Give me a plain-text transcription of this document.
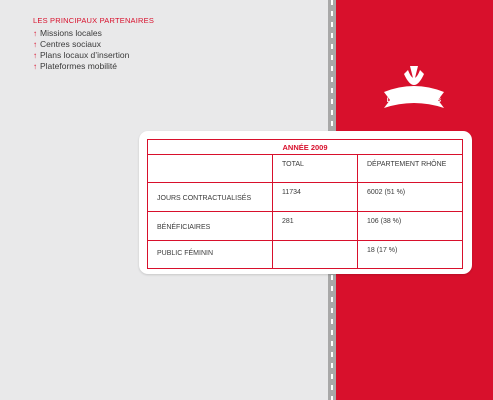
LES PRINCIPAUX PARTENAIRES
↑ Missions locales
↑ Centres sociaux
↑ Plans locaux d’insertion
↑ Plateformes mobilité
LES RÉSULTATS
ANNÉE 2009		

	TOTAL	DÉPARTEMENT RHÔNE

JOURS CONTRACTUALISÉS	11734	6002 (51 %)

BÉNÉFICIAIRES	281	106 (38 %)

PUBLIC FÉMININ		18 (17 %)
